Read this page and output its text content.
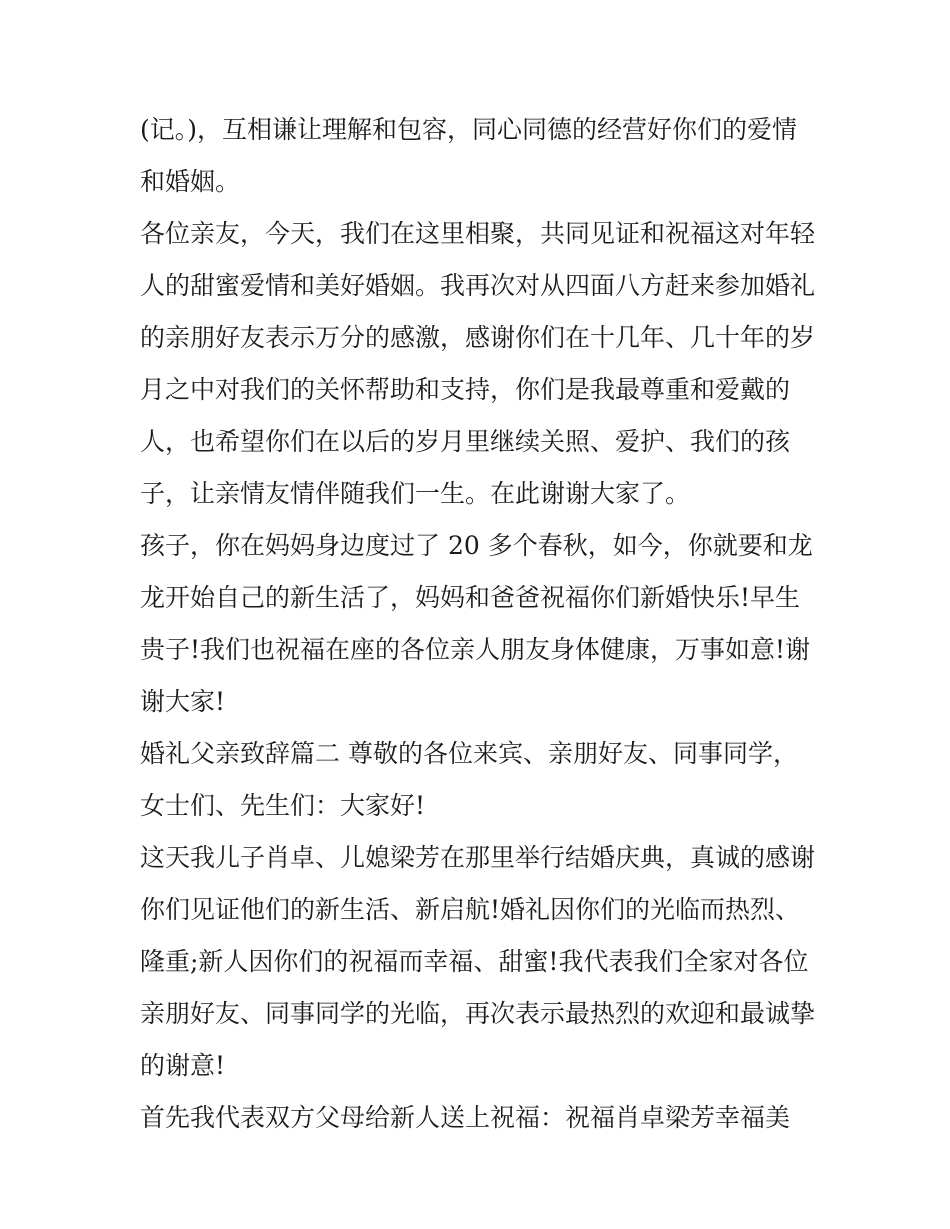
(记。)，互相谦让理解和包容，同心同德的经营好你们的爱情
和婚姻。
各位亲友，今天，我们在这里相聚，共同见证和祝福这对年轻
人的甜蜜爱情和美好婚姻。我再次对从四面八方赶来参加婚礼
的亲朋好友表示万分的感激，感谢你们在十几年、几十年的岁
月之中对我们的关怀帮助和支持，你们是我最尊重和爱戴的
人，也希望你们在以后的岁月里继续关照、爱护、我们的孩
子，让亲情友情伴随我们一生。在此谢谢大家了。
孩子，你在妈妈身边度过了 20 多个春秋，如今，你就要和龙
龙开始自己的新生活了，妈妈和爸爸祝福你们新婚快乐!早生
贵子!我们也祝福在座的各位亲人朋友身体健康，万事如意!谢
谢大家!
婚礼父亲致辞篇二 尊敬的各位来宾、亲朋好友、同事同学，
女士们、先生们：大家好!
这天我儿子肖卓、儿媳梁芳在那里举行结婚庆典，真诚的感谢
你们见证他们的新生活、新启航!婚礼因你们的光临而热烈、
隆重;新人因你们的祝福而幸福、甜蜜!我代表我们全家对各位
亲朋好友、同事同学的光临，再次表示最热烈的欢迎和最诚挚
的谢意!
首先我代表双方父母给新人送上祝福：祝福肖卓梁芳幸福美
